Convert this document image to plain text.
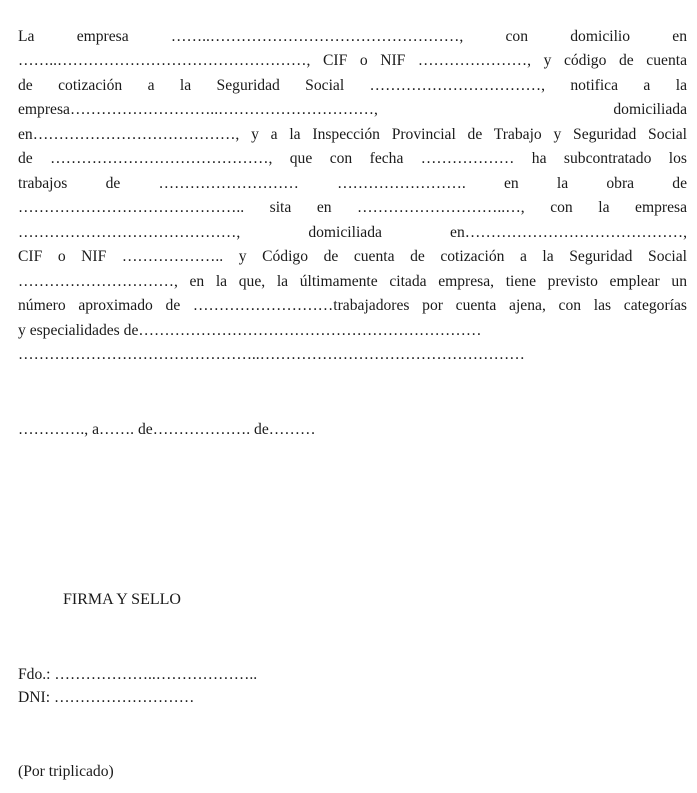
La empresa ……..…………………………………………, con domicilio en
……..…………………………………………, CIF o NIF …………………, y código de cuenta
de cotización a la Seguridad Social ……………………………, notifica a la
empresa………………………..…………………………, domiciliada
en…………………………………, y a la Inspección Provincial de Trabajo y Seguridad Social
de ……………………………………, que con fecha ……………… ha subcontratado los
trabajos de ……………………… ……………………. en la obra de
…………………………………….. sita en ………………………..…, con la empresa
……………………………………, domiciliada en……………………………………,
CIF o NIF ……………….. y Código de cuenta de cotización a la Seguridad Social
…………………………, en la que, la últimamente citada empresa, tiene previsto emplear un
número aproximado de ………………………trabajadores por cuenta ajena, con las categorías
y especialidades de…………………………………………………………
………………………………………..……………………………………………
…………., a……. de………………. de………
FIRMA Y SELLO
Fdo.: ………………..………………..
DNI: ………………………
(Por triplicado)
